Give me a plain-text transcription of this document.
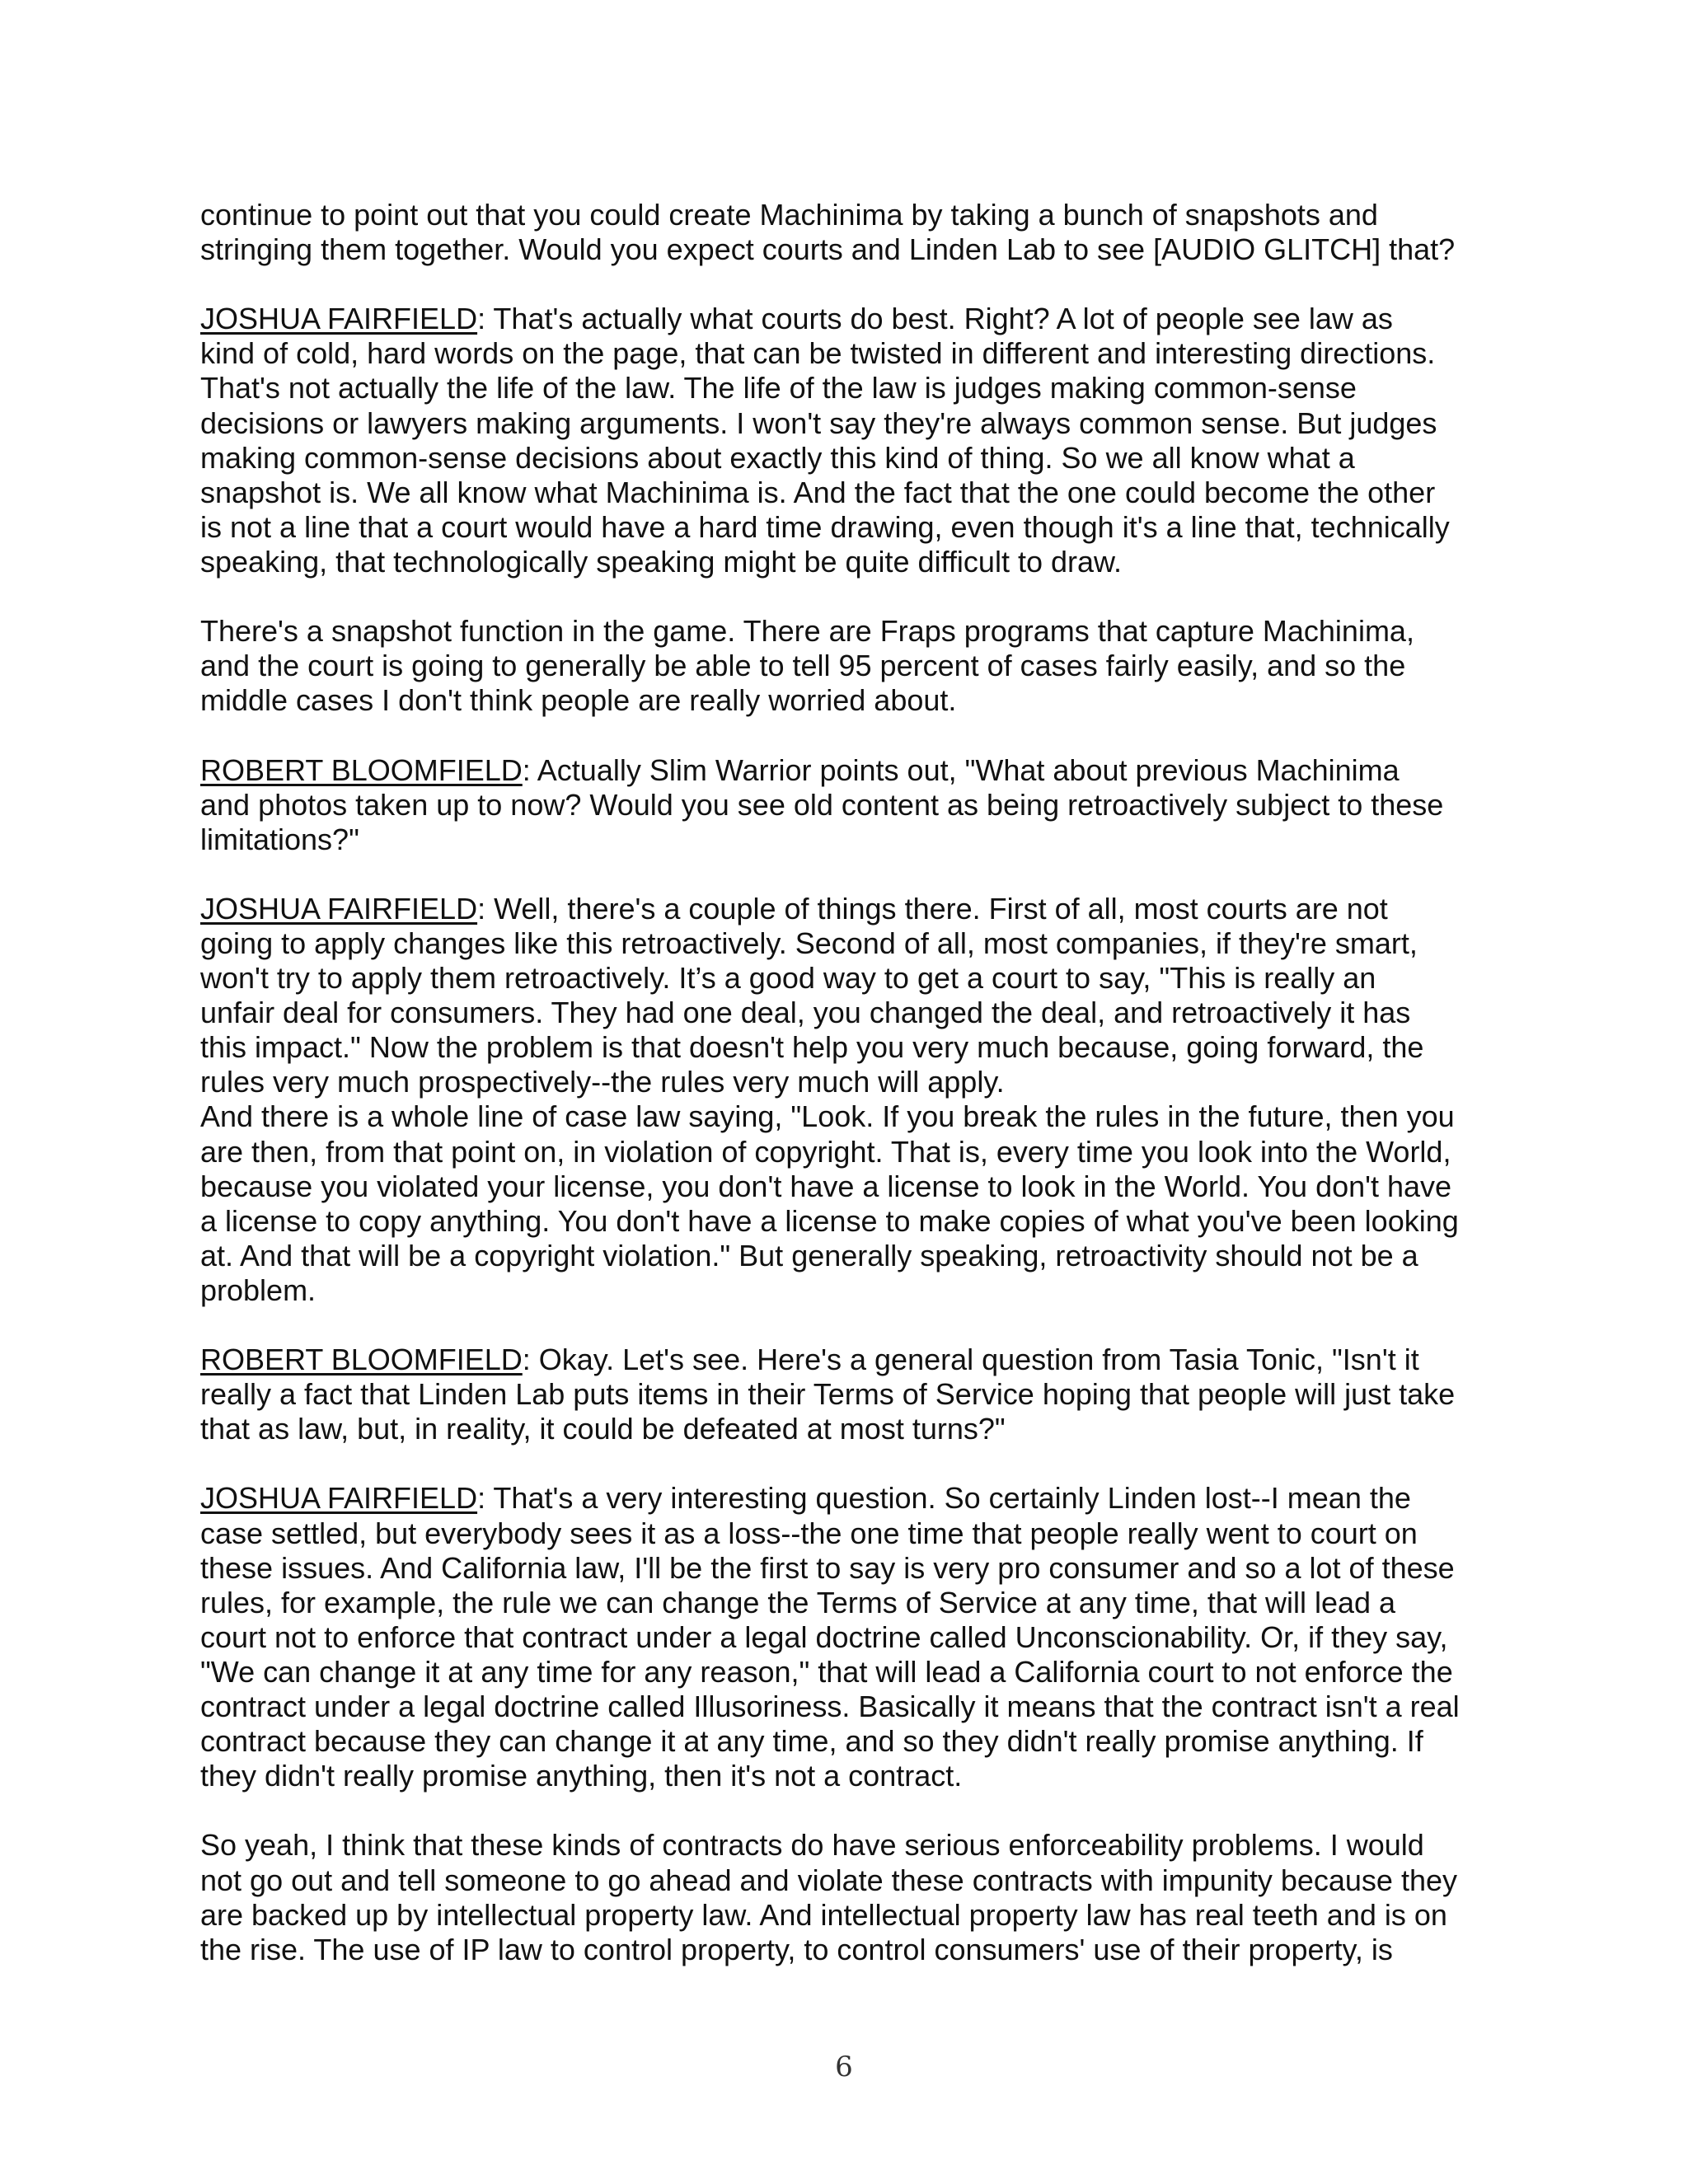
continue to point out that you could create Machinima by taking a bunch of snapshots and
stringing them together. Would you expect courts and Linden Lab to see [AUDIO GLITCH] that?
JOSHUA FAIRFIELD: That's actually what courts do best. Right? A lot of people see law as
kind of cold, hard words on the page, that can be twisted in different and interesting directions.
That's not actually the life of the law. The life of the law is judges making common-sense
decisions or lawyers making arguments. I won't say they're always common sense. But judges
making common-sense decisions about exactly this kind of thing. So we all know what a
snapshot is. We all know what Machinima is. And the fact that the one could become the other
is not a line that a court would have a hard time drawing, even though it's a line that, technically
speaking, that technologically speaking might be quite difficult to draw.
There's a snapshot function in the game. There are Fraps programs that capture Machinima,
and the court is going to generally be able to tell 95 percent of cases fairly easily, and so the
middle cases I don't think people are really worried about.
ROBERT BLOOMFIELD: Actually Slim Warrior points out, "What about previous Machinima
and photos taken up to now? Would you see old content as being retroactively subject to these
limitations?"
JOSHUA FAIRFIELD: Well, there's a couple of things there. First of all, most courts are not
going to apply changes like this retroactively. Second of all, most companies, if they're smart,
won't try to apply them retroactively. It’s a good way to get a court to say, "This is really an
unfair deal for consumers. They had one deal, you changed the deal, and retroactively it has
this impact." Now the problem is that doesn't help you very much because, going forward, the
rules very much prospectively--the rules very much will apply.
And there is a whole line of case law saying, "Look. If you break the rules in the future, then you
are then, from that point on, in violation of copyright. That is, every time you look into the World,
because you violated your license, you don't have a license to look in the World. You don't have
a license to copy anything. You don't have a license to make copies of what you've been looking
at. And that will be a copyright violation." But generally speaking, retroactivity should not be a
problem.
ROBERT BLOOMFIELD: Okay. Let's see. Here's a general question from Tasia Tonic, "Isn't it
really a fact that Linden Lab puts items in their Terms of Service hoping that people will just take
that as law, but, in reality, it could be defeated at most turns?"
JOSHUA FAIRFIELD: That's a very interesting question. So certainly Linden lost--I mean the
case settled, but everybody sees it as a loss--the one time that people really went to court on
these issues. And California law, I'll be the first to say is very pro consumer and so a lot of these
rules, for example, the rule we can change the Terms of Service at any time, that will lead a
court not to enforce that contract under a legal doctrine called Unconscionability. Or, if they say,
"We can change it at any time for any reason," that will lead a California court to not enforce the
contract under a legal doctrine called Illusoriness. Basically it means that the contract isn't a real
contract because they can change it at any time, and so they didn't really promise anything. If
they didn't really promise anything, then it's not a contract.
So yeah, I think that these kinds of contracts do have serious enforceability problems. I would
not go out and tell someone to go ahead and violate these contracts with impunity because they
are backed up by intellectual property law. And intellectual property law has real teeth and is on
the rise. The use of IP law to control property, to control consumers' use of their property, is
6
